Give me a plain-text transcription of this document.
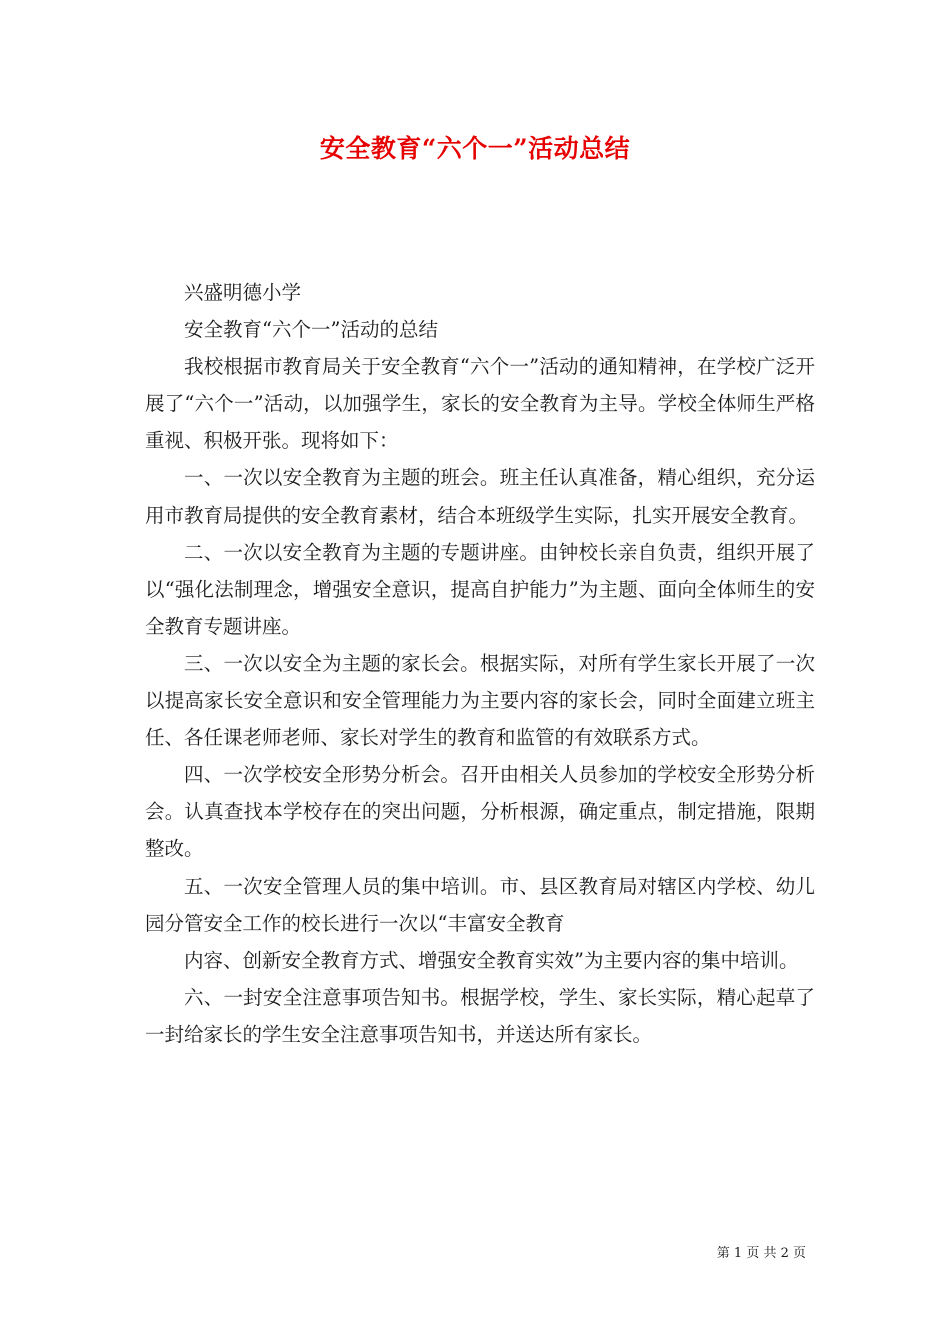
安全教育“六个一”活动总结

兴盛明德小学

安全教育“六个一”活动的总结

我校根据市教育局关于安全教育“六个一”活动的通知精神，在学校广泛开展了“六个一”活动，以加强学生，家长的安全教育为主导。学校全体师生严格重视、积极开张。现将如下：

一、一次以安全教育为主题的班会。班主任认真准备，精心组织，充分运用市教育局提供的安全教育素材，结合本班级学生实际，扎实开展安全教育。

二、一次以安全教育为主题的专题讲座。由钟校长亲自负责，组织开展了以“强化法制理念，增强安全意识，提高自护能力”为主题、面向全体师生的安全教育专题讲座。

三、一次以安全为主题的家长会。根据实际，对所有学生家长开展了一次以提高家长安全意识和安全管理能力为主要内容的家长会，同时全面建立班主任、各任课老师老师、家长对学生的教育和监管的有效联系方式。

四、一次学校安全形势分析会。召开由相关人员参加的学校安全形势分析会。认真查找本学校存在的突出问题，分析根源，确定重点，制定措施，限期整改。

五、一次安全管理人员的集中培训。市、县区教育局对辖区内学校、幼儿园分管安全工作的校长进行一次以“丰富安全教育

内容、创新安全教育方式、增强安全教育实效”为主要内容的集中培训。

六、一封安全注意事项告知书。根据学校，学生、家长实际，精心起草了一封给家长的学生安全注意事项告知书，并送达所有家长。

第 1 页 共 2 页
